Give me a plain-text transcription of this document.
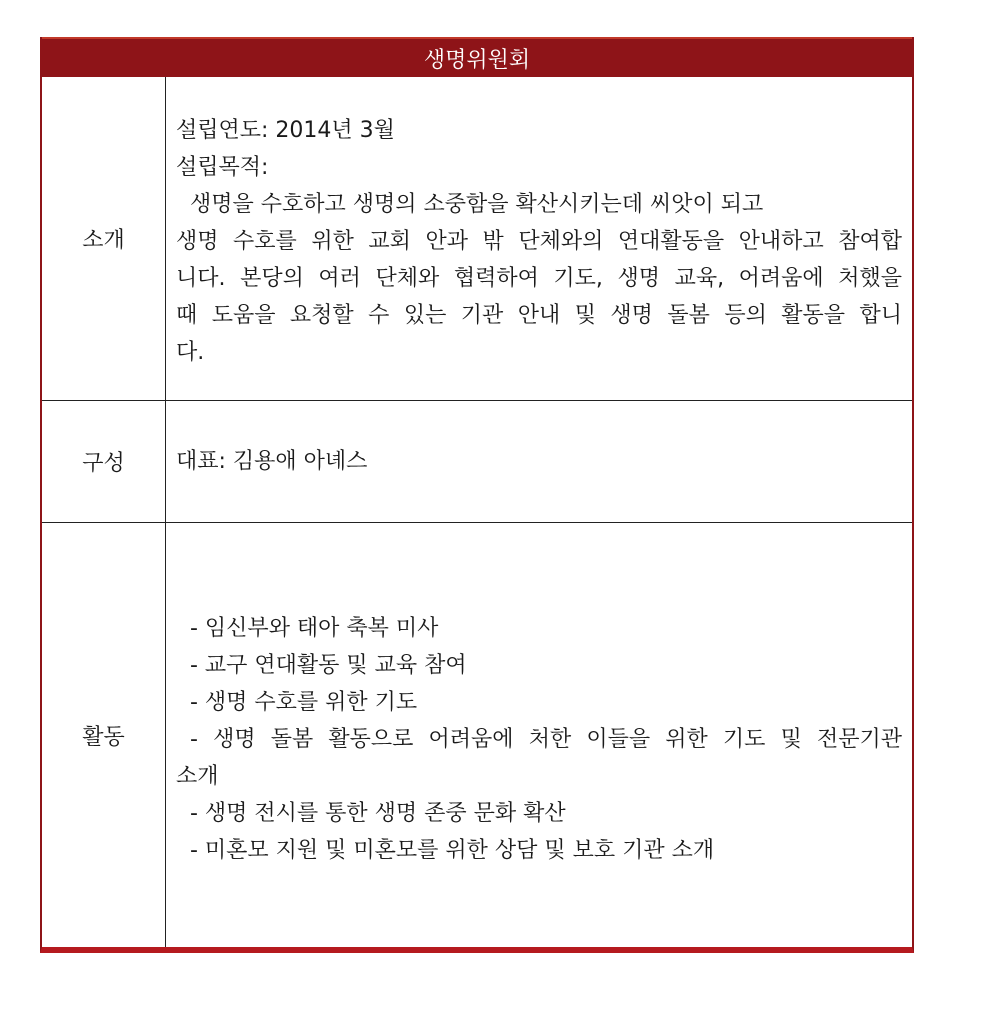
생명위원회
소개
설립연도: 2014년 3월
설립목적:
생명을 수호하고 생명의 소중함을 확산시키는데 씨앗이 되고
생명 수호를 위한 교회 안과 밖 단체와의 연대활동을 안내하고 참여합
니다. 본당의 여러 단체와 협력하여 기도, 생명 교육, 어려움에 처했을
때 도움을 요청할 수 있는 기관 안내 및 생명 돌봄 등의 활동을 합니
다.
구성	대표: 김용애 아녜스
활동
- 임신부와 태아 축복 미사
- 교구 연대활동 및 교육 참여
- 생명 수호를 위한 기도
- 생명 돌봄 활동으로 어려움에 처한 이들을 위한 기도 및 전문기관
소개
- 생명 전시를 통한 생명 존중 문화 확산
- 미혼모 지원 및 미혼모를 위한 상담 및 보호 기관 소개
